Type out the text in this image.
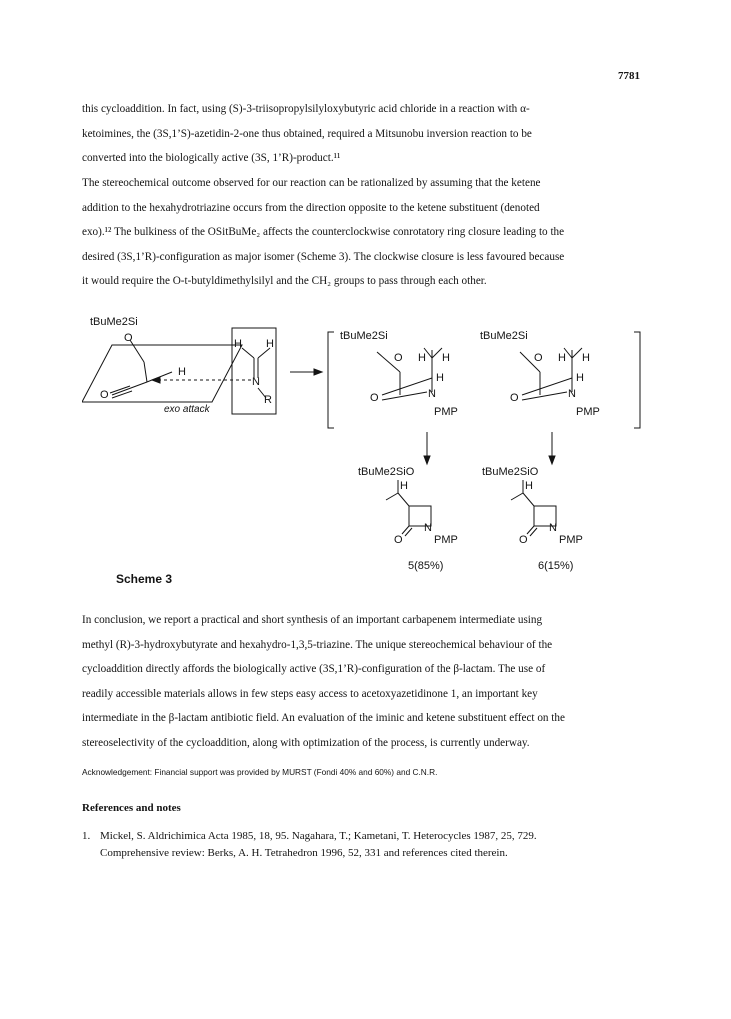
7781
this cycloaddition. In fact, using (S)-3-triisopropylsilyloxybutyric acid chloride in a reaction with α-
ketoimines, the (3S,1’S)-azetidin-2-one thus obtained, required a Mitsunobu inversion reaction to be
converted into the biologically active (3S, 1’R)-product.¹¹
The stereochemical outcome observed for our reaction can be rationalized by assuming that the ketene
addition to the hexahydrotriazine occurs from the direction opposite to the ketene substituent (denoted
exo).¹² The bulkiness of the OSitBuMe₂ affects the counterclockwise conrotatory ring closure leading to the
desired (3S,1’R)-configuration as major isomer (Scheme 3). The clockwise closure is less favoured because
it would require the O-t-butyldimethylsilyl and the CH₂ groups to pass through each other.
tBuMe2Si
O
H
O
H H
N
R
exo attack
tBuMe2Si
O H H
H
N
O
PMP
tBuMe2Si
O H H
H
N
O
PMP
tBuMe2SiO
H
N
O	PMP
5(85%)
tBuMe2SiO
H
N
O	PMP
6(15%)
Scheme 3
In conclusion, we report a practical and short synthesis of an important carbapenem intermediate using
methyl (R)-3-hydroxybutyrate and hexahydro-1,3,5-triazine. The unique stereochemical behaviour of the
cycloaddition directly affords the biologically active (3S,1’R)-configuration of the β-lactam. The use of
readily accessible materials allows in few steps easy access to acetoxyazetidinone 1, an important key
intermediate in the β-lactam antibiotic field. An evaluation of the iminic and ketene substituent effect on the
stereoselectivity of the cycloaddition, along with optimization of the process, is currently underway.
Acknowledgement: Financial support was provided by MURST (Fondi 40% and 60%) and C.N.R.
References and notes
1. Mickel, S. Aldrichimica Acta 1985, 18, 95. Nagahara, T.; Kametani, T. Heterocycles 1987, 25, 729.
Comprehensive review: Berks, A. H. Tetrahedron 1996, 52, 331 and references cited therein.
